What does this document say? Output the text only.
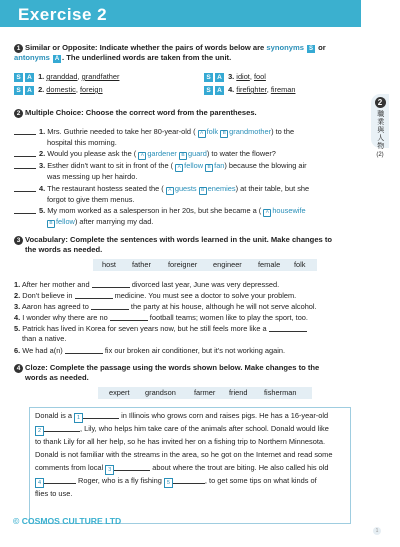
Exercise 2
2
職業與人物
(2)
1 Similar or Opposite: Indicate whether the pairs of words below are synonyms S or
antonyms A . The underlined words are taken from the unit.
S A 1. granddad, grandfather
S A 2. domestic, foreign
S A 3. idiot, fool
S A 4. firefighter, fireman
2 Multiple Choice: Choose the correct word from the parentheses.
1. Mrs. Guthrie needed to take her 80-year-old ( A folk B grandmother) to the
hospital this morning.
2. Would you please ask the ( A gardener B guard) to water the flower?
3. Esther didn't want to sit in front of the ( A fellow B fan) because the blowing air
was messing up her hairdo.
4. The restaurant hostess seated the ( A guests B enemies) at their table, but she
forgot to give them menus.
5. My mom worked as a salesperson in her 20s, but she became a ( A housewife
B fellow) after marrying my dad.
3 Vocabulary: Complete the sentences with words learned in the unit. Make changes to
the words as needed.
host father foreigner engineer female folk
1. After her mother and	divorced last year, June was very depressed.
2. Don't believe in	medicine. You must see a doctor to solve your problem.
3. Aaron has agreed to	the party at his house, although he will not serve alcohol.
4. I wonder why there are no	football teams; women like to play the sport, too.
5. Patrick has lived in Korea for seven years now, but he still feels more like a
than a native.
6. We had a(n)	fix our broken air conditioner, but it's not working again.
4 Cloze: Complete the passage using the words shown below. Make changes to the
words as needed.
expert grandson farmer friend fisherman
Donald is a 1	in Illinois who grows corn and raises pigs. He has a 16-year-old
2	, Lily, who helps him take care of the animals after school. Donald would like
to thank Lily for all her help, so he has invited her on a fishing trip to Northern Minnesota.
Donald is not familiar with the streams in the area, so he got on the Internet and read some
comments from local 3	about where the trout are biting. He also called his old
4	Roger, who is a fly fishing 5	, to get some tips on what kinds of
flies to use.
© COSMOS CULTURE LTD
1
